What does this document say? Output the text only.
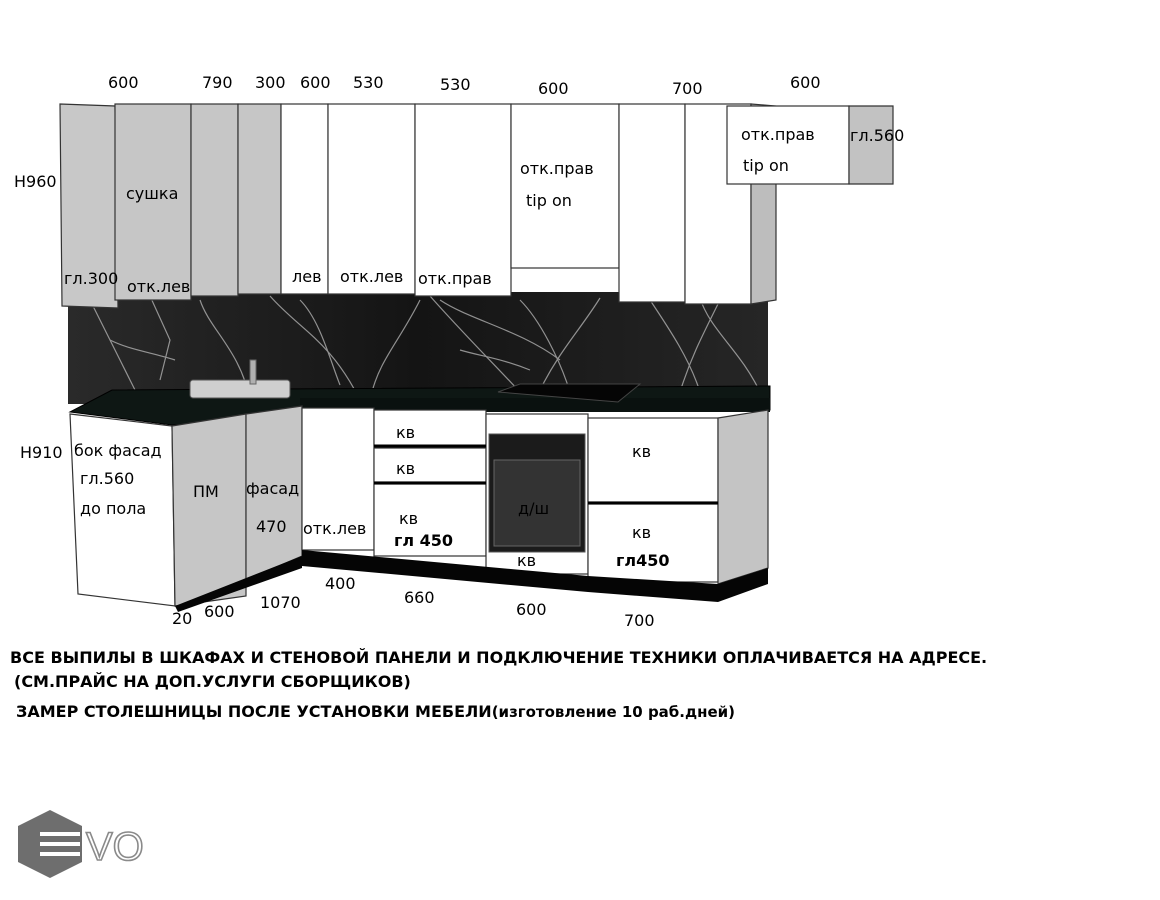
600	790 300 600 530	530	600	700	600
H960
H910
сушка
гл.300 отк.лев
лев отк.лев отк.прав
отк.прав
tip on
отк.прав
tip on
гл.560
бок фасад
гл.560
до пола
ПМ фасад
470 отк.лев
кв
кв
кв
гл 450
д/ш
кв
кв
кв
гл450
20 600 1070
400
660
600
700
VO
ВСЕ ВЫПИЛЫ В ШКАФАХ И СТЕНОВОЙ ПАНЕЛИ И ПОДКЛЮЧЕНИЕ ТЕХНИКИ ОПЛАЧИВАЕТСЯ НА АДРЕСЕ.
(СМ.ПРАЙС НА ДОП.УСЛУГИ СБОРЩИКОВ)
ЗАМЕР СТОЛЕШНИЦЫ ПОСЛЕ УСТАНОВКИ МЕБЕЛИ(изготовление 10 раб.дней)
